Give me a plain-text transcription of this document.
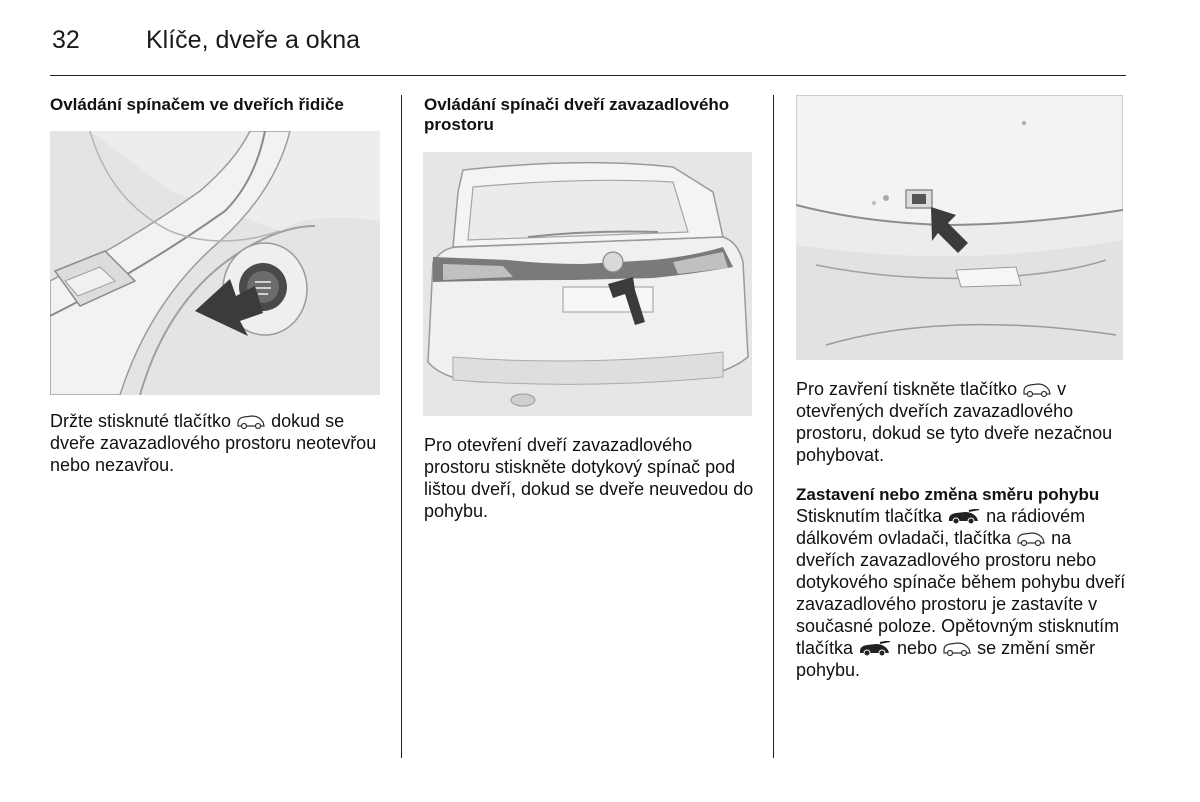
32	Klíče, dveře a okna
Ovládání spínačem ve dveřích řidiče

Držte stisknuté tlačítko  dokud se dveře zavazadlového prostoru neotevřou nebo nezavřou.

Ovládání spínači dveří zavazadlového prostoru

Pro otevření dveří zavazadlového prostoru stiskněte dotykový spínač pod lištou dveří, dokud se dveře neuvedou do pohybu.

Pro zavření tiskněte tlačítko  v otevřených dveřích zavazadlového prostoru, dokud se tyto dveře nezačnou pohybovat.

Zastavení nebo změna směru pohybu

Stisknutím tlačítka  na rádiovém dálkovém ovladači, tlačítka  na dveřích zavazadlového prostoru nebo dotykového spínače během pohybu dveří zavazadlového prostoru je zastavíte v současné poloze. Opětovným stisknutím tlačítka  nebo  se změní směr pohybu.
